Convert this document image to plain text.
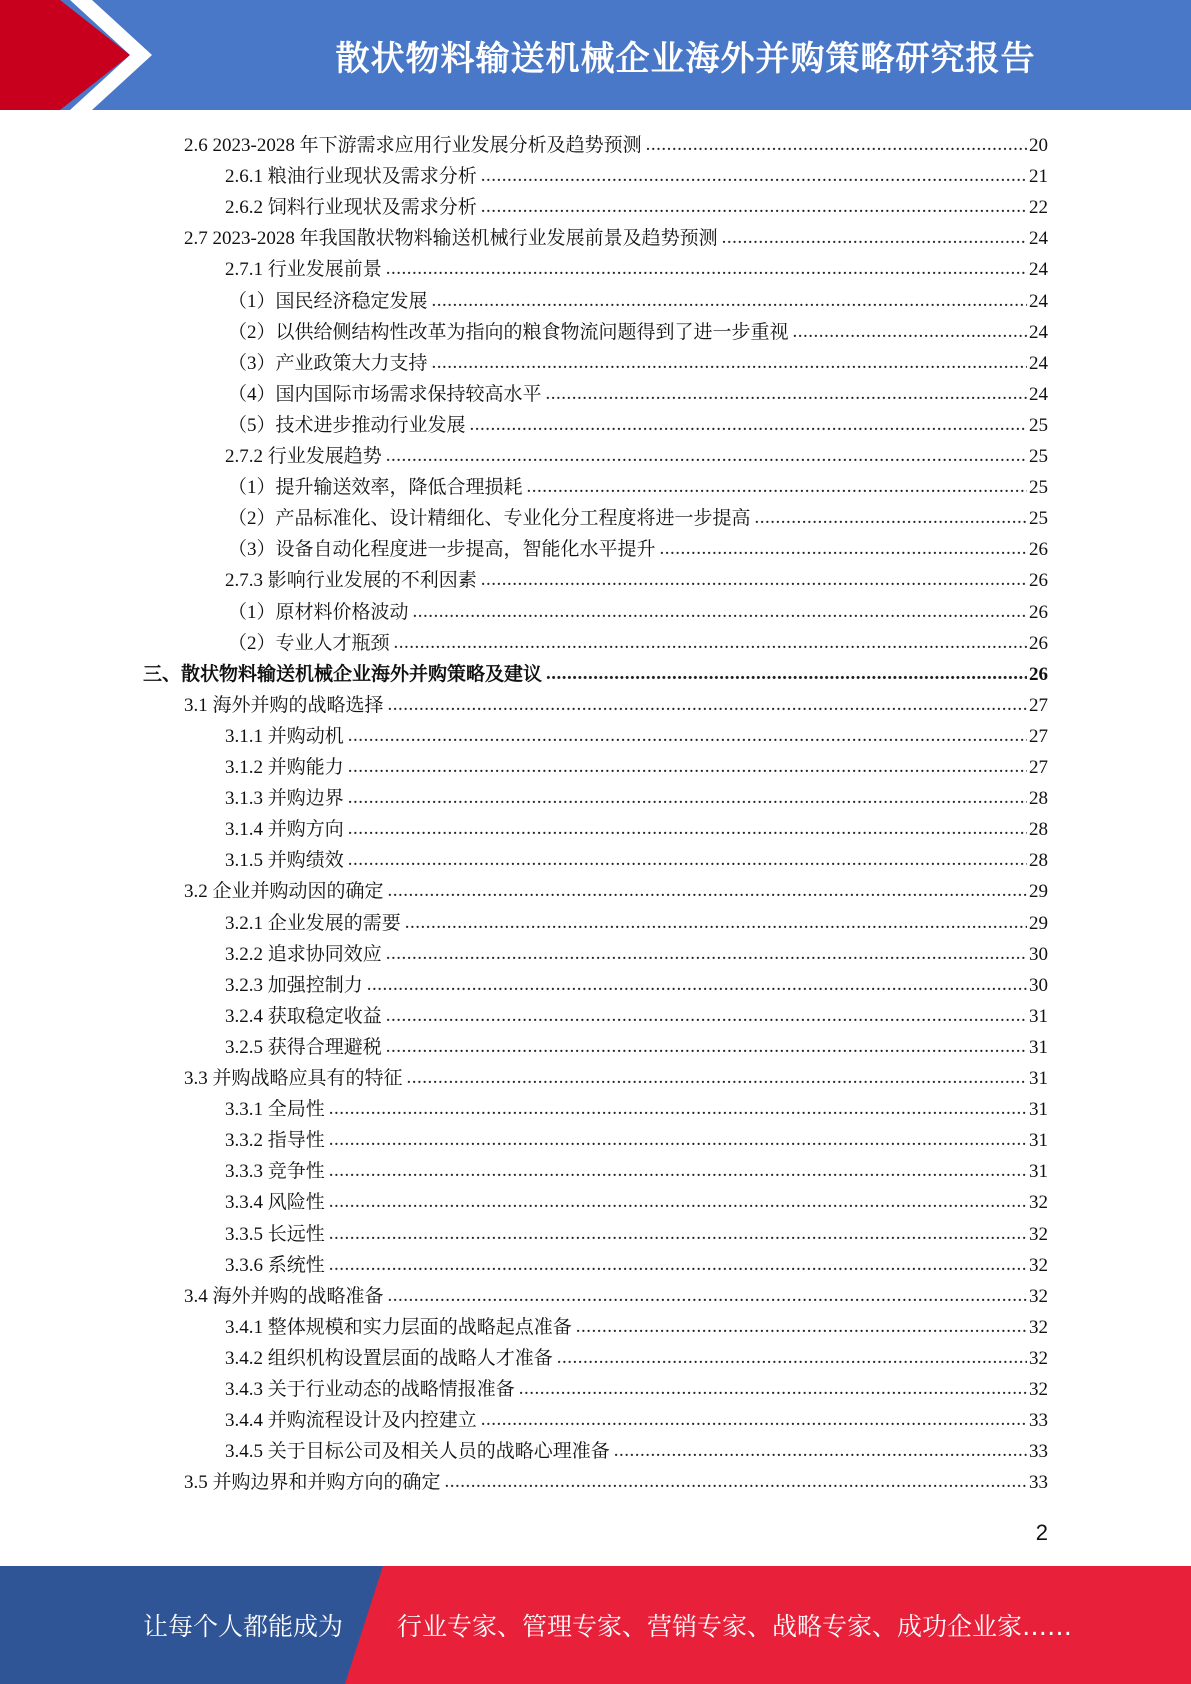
散状物料输送机械企业海外并购策略研究报告
2.6 2023-2028 年下游需求应用行业发展分析及趋势预测 .....	20
2.6.1 粮油行业现状及需求分析 .....	21
2.6.2 饲料行业现状及需求分析 .....	22
2.7 2023-2028 年我国散状物料输送机械行业发展前景及趋势预测 .....	24
2.7.1 行业发展前景 .....	24
（1）国民经济稳定发展 .....	24
（2）以供给侧结构性改革为指向的粮食物流问题得到了进一步重视 .....	24
（3）产业政策大力支持 .....	24
（4）国内国际市场需求保持较高水平 .....	24
（5）技术进步推动行业发展 .....	25
2.7.2 行业发展趋势 .....	25
（1）提升输送效率，降低合理损耗 .....	25
（2）产品标准化、设计精细化、专业化分工程度将进一步提高 .....	25
（3）设备自动化程度进一步提高，智能化水平提升 .....	26
2.7.3 影响行业发展的不利因素 .....	26
（1）原材料价格波动 .....	26
（2）专业人才瓶颈 .....	26
三、散状物料输送机械企业海外并购策略及建议 .....	26
3.1 海外并购的战略选择 .....	27
3.1.1 并购动机 .....	27
3.1.2 并购能力 .....	27
3.1.3 并购边界 .....	28
3.1.4 并购方向 .....	28
3.1.5 并购绩效 .....	28
3.2 企业并购动因的确定 .....	29
3.2.1 企业发展的需要 .....	29
3.2.2 追求协同效应 .....	30
3.2.3 加强控制力 .....	30
3.2.4 获取稳定收益 .....	31
3.2.5 获得合理避税 .....	31
3.3 并购战略应具有的特征 .....	31
3.3.1 全局性 .....	31
3.3.2 指导性 .....	31
3.3.3 竞争性 .....	31
3.3.4 风险性 .....	32
3.3.5 长远性 .....	32
3.3.6 系统性 .....	32
3.4 海外并购的战略准备 .....	32
3.4.1 整体规模和实力层面的战略起点准备 .....	32
3.4.2 组织机构设置层面的战略人才准备 .....	32
3.4.3 关于行业动态的战略情报准备 .....	32
3.4.4 并购流程设计及内控建立 .....	33
3.4.5 关于目标公司及相关人员的战略心理准备 .....	33
3.5 并购边界和并购方向的确定 .....	33
2
让每个人都能成为 行业专家、管理专家、营销专家、战略专家、成功企业家……
